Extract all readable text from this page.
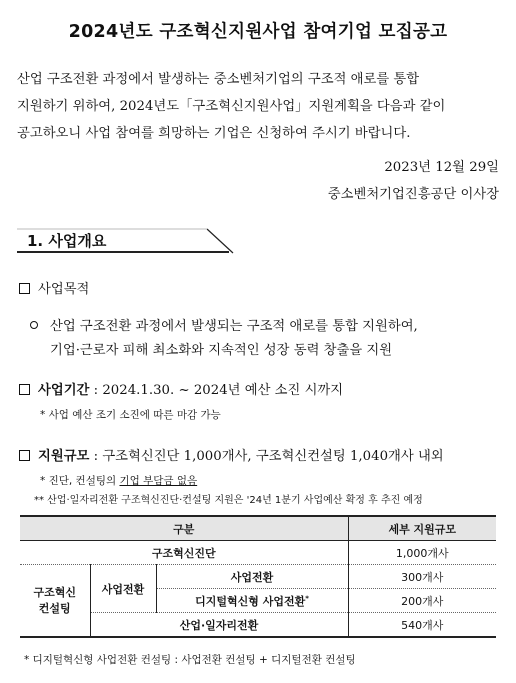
2024년도 구조혁신지원사업 참여기업 모집공고
산업 구조전환 과정에서 발생하는 중소벤처기업의 구조적 애로를 통합
지원하기 위하여, 2024년도「구조혁신지원사업」지원계획을 다음과 같이
공고하오니 사업 참여를 희망하는 기업은 신청하여 주시기 바랍니다.
2023년 12월 29일
중소벤처기업진흥공단 이사장
1. 사업개요
사업목적
산업 구조전환 과정에서 발생되는 구조적 애로를 통합 지원하여,
기업·근로자 피해 최소화와 지속적인 성장 동력 창출을 지원
사업기간 : 2024.1.30. ~ 2024년 예산 소진 시까지
* 사업 예산 조기 소진에 따른 마감 가능
지원규모 : 구조혁신진단 1,000개사, 구조혁신컨설팅 1,040개사 내외
* 진단, 컨설팅의 기업 부담금 없음
** 산업·일자리전환 구조혁신진단·컨설팅 지원은 '24년 1분기 사업예산 확정 후 추진 예정
구분			세부 지원규모
구조혁신진단			1,000개사
구조혁신
컨설팅	사업전환	사업전환	300개사
		디지털혁신형 사업전환*	200개사
	산업·일자리전환		540개사
* 디지털혁신형 사업전환 컨설팅 : 사업전환 컨설팅 + 디지털전환 컨설팅
